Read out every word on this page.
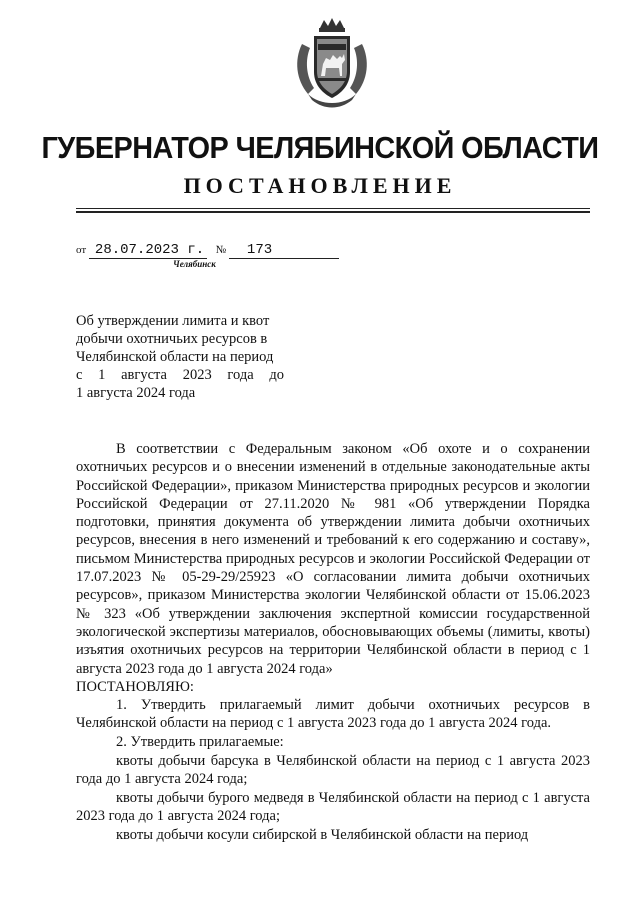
ГУБЕРНАТОР ЧЕЛЯБИНСКОЙ ОБЛАСТИ
ПОСТАНОВЛЕНИЕ
от 28.07.2023 г. № 173
Челябинск
Об утверждении лимита и квот
добычи охотничьих ресурсов в
Челябинской области на период
с 1 августа 2023 года до
1 августа 2024 года

В соответствии с Федеральным законом «Об охоте и о сохранении охотничьих ресурсов и о внесении изменений в отдельные законодательные акты Российской Федерации», приказом Министерства природных ресурсов и экологии Российской Федерации от 27.11.2020 № 981 «Об утверждении Порядка подготовки, принятия документа об утверждении лимита добычи охотничьих ресурсов, внесения в него изменений и требований к его содержанию и составу», письмом Министерства природных ресурсов и экологии Российской Федерации от 17.07.2023 № 05-29-29/25923 «О согласовании лимита добычи охотничьих ресурсов», приказом Министерства экологии Челябинской области от 15.06.2023 № 323 «Об утверждении заключения экспертной комиссии государственной экологической экспертизы материалов, обосновывающих объемы (лимиты, квоты) изъятия охотничьих ресурсов на территории Челябинской области в период с 1 августа 2023 года до 1 августа 2024 года»

ПОСТАНОВЛЯЮ:

1. Утвердить прилагаемый лимит добычи охотничьих ресурсов в Челябинской области на период с 1 августа 2023 года до 1 августа 2024 года.

2. Утвердить прилагаемые:

квоты добычи барсука в Челябинской области на период с 1 августа 2023 года до 1 августа 2024 года;

квоты добычи бурого медведя в Челябинской области на период с 1 августа 2023 года до 1 августа 2024 года;

квоты добычи косули сибирской в Челябинской области на период
